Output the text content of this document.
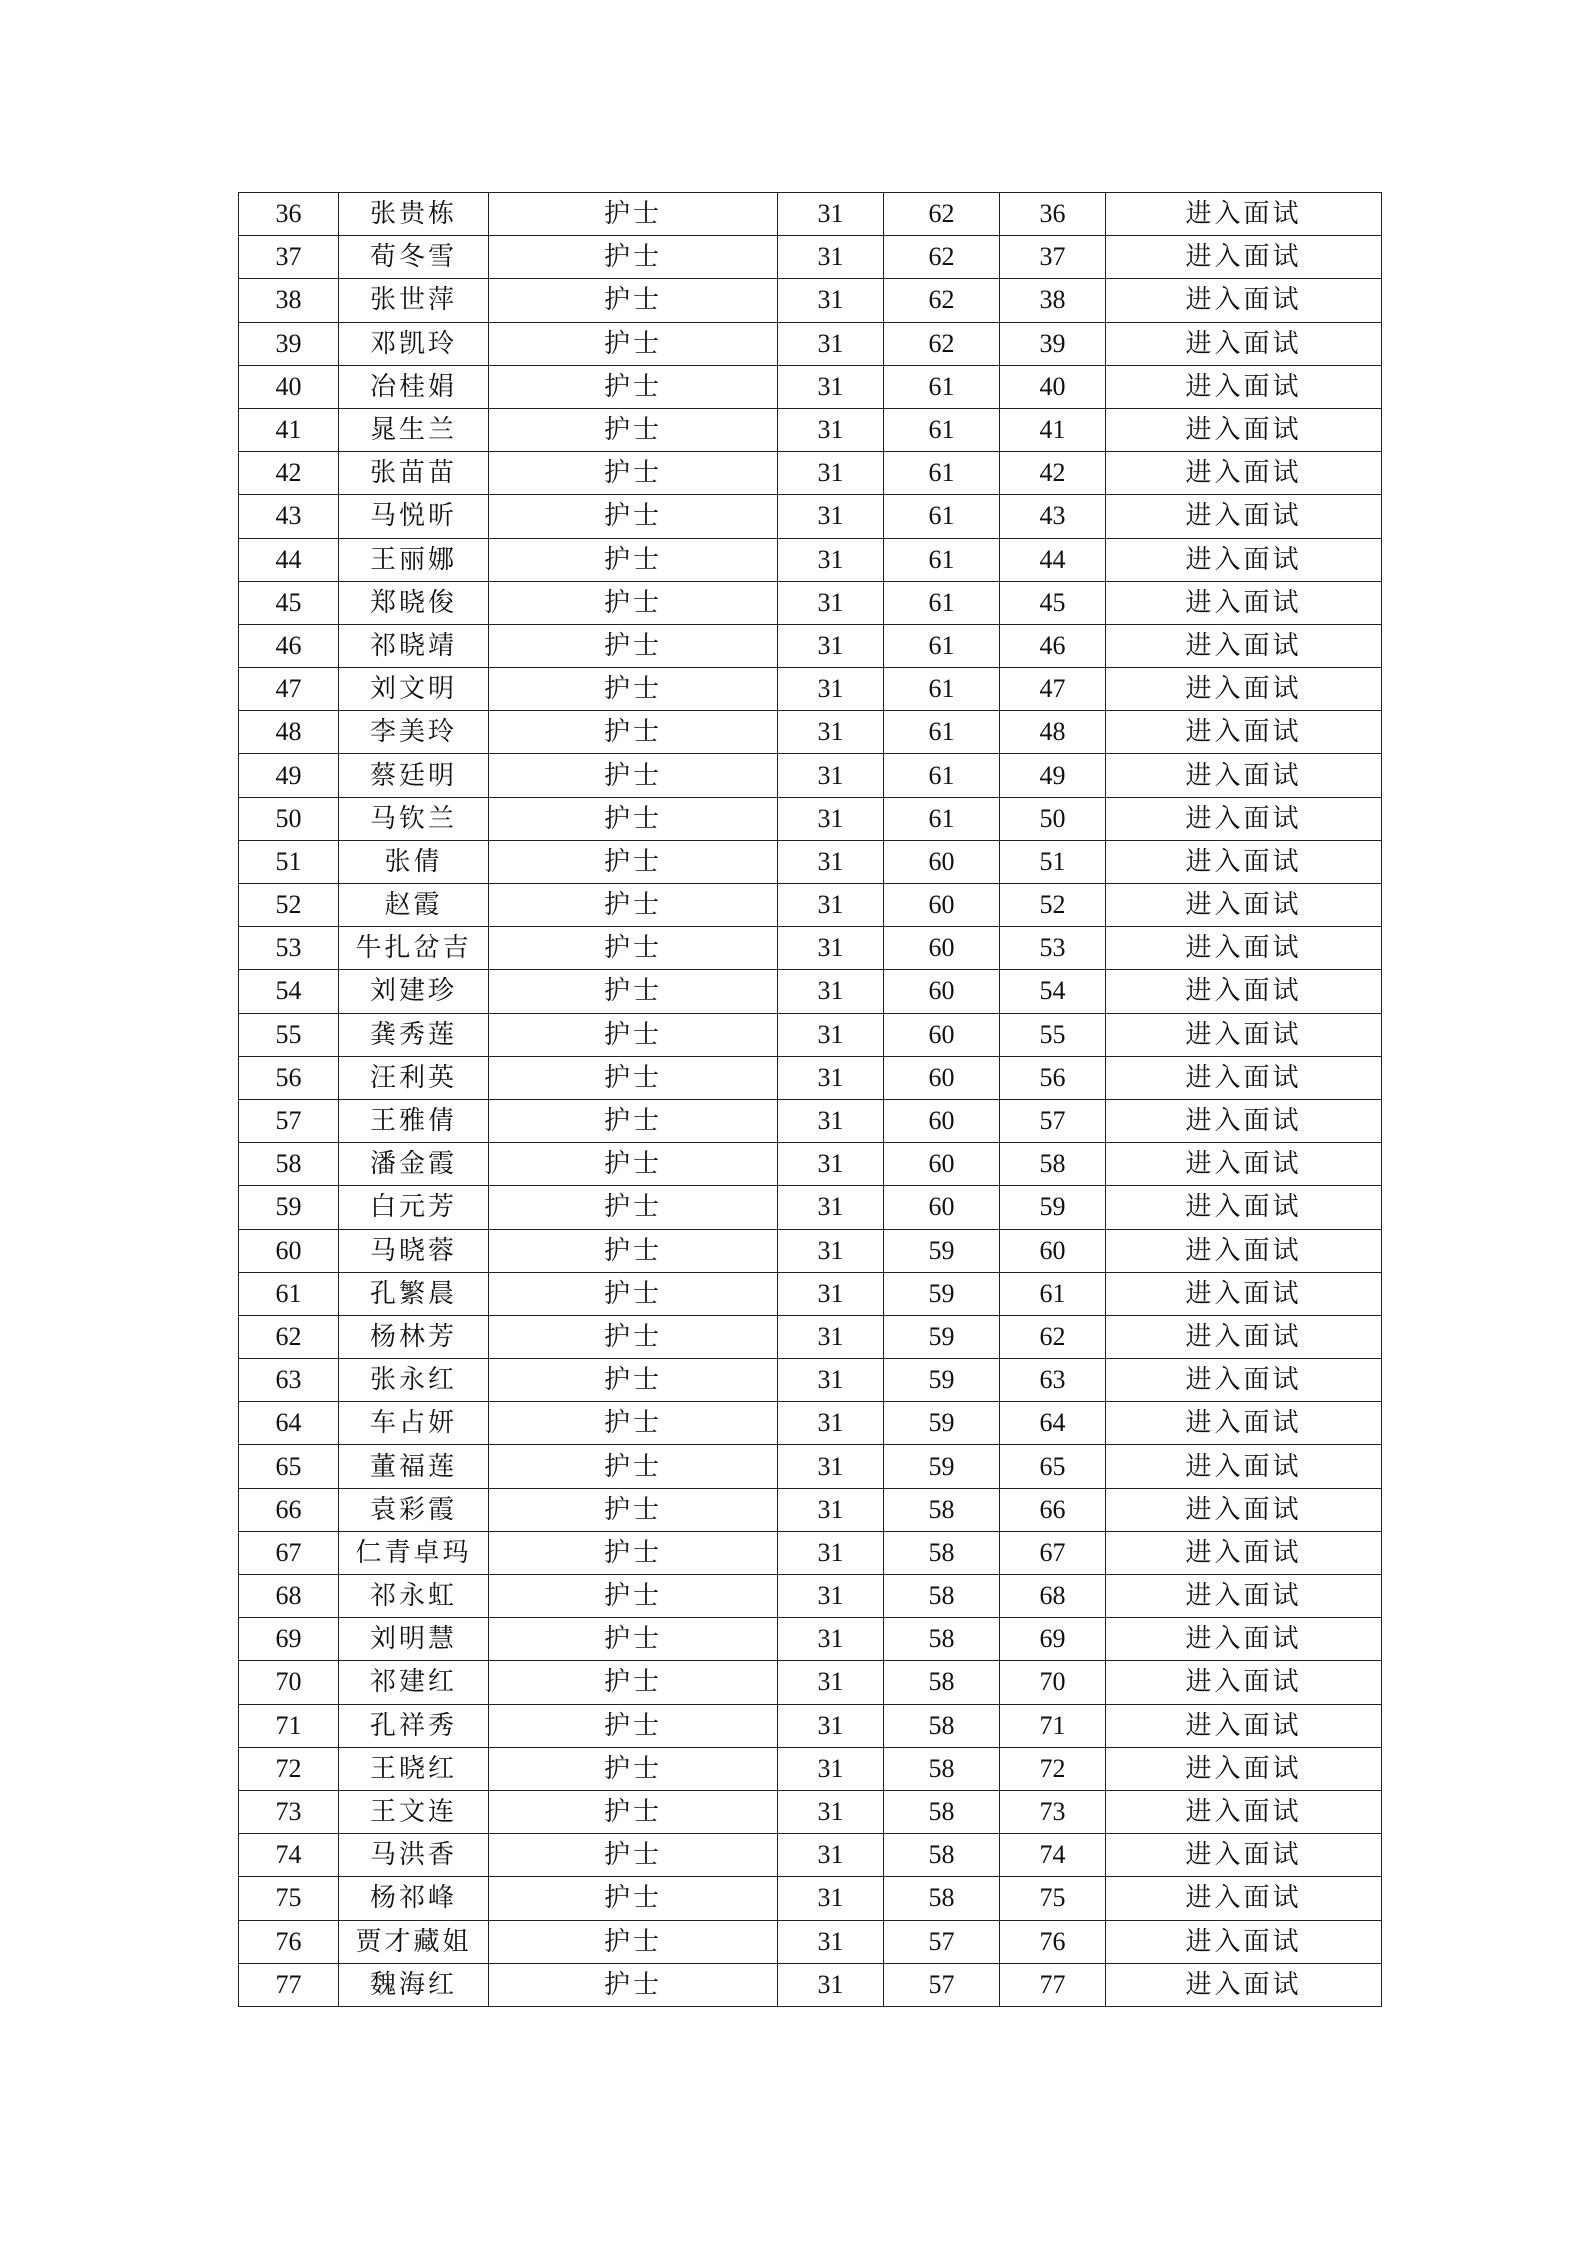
36	张贵栋	护士	31	62	36	进入面试
37	荀冬雪	护士	31	62	37	进入面试
38	张世萍	护士	31	62	38	进入面试
39	邓凯玲	护士	31	62	39	进入面试
40	冶桂娟	护士	31	61	40	进入面试
41	晁生兰	护士	31	61	41	进入面试
42	张苗苗	护士	31	61	42	进入面试
43	马悦昕	护士	31	61	43	进入面试
44	王丽娜	护士	31	61	44	进入面试
45	郑晓俊	护士	31	61	45	进入面试
46	祁晓靖	护士	31	61	46	进入面试
47	刘文明	护士	31	61	47	进入面试
48	李美玲	护士	31	61	48	进入面试
49	蔡廷明	护士	31	61	49	进入面试
50	马钦兰	护士	31	61	50	进入面试
51	张倩	护士	31	60	51	进入面试
52	赵霞	护士	31	60	52	进入面试
53	牛扎岔吉	护士	31	60	53	进入面试
54	刘建珍	护士	31	60	54	进入面试
55	龚秀莲	护士	31	60	55	进入面试
56	汪利英	护士	31	60	56	进入面试
57	王雅倩	护士	31	60	57	进入面试
58	潘金霞	护士	31	60	58	进入面试
59	白元芳	护士	31	60	59	进入面试
60	马晓蓉	护士	31	59	60	进入面试
61	孔繁晨	护士	31	59	61	进入面试
62	杨林芳	护士	31	59	62	进入面试
63	张永红	护士	31	59	63	进入面试
64	车占妍	护士	31	59	64	进入面试
65	董福莲	护士	31	59	65	进入面试
66	袁彩霞	护士	31	58	66	进入面试
67	仁青卓玛	护士	31	58	67	进入面试
68	祁永虹	护士	31	58	68	进入面试
69	刘明慧	护士	31	58	69	进入面试
70	祁建红	护士	31	58	70	进入面试
71	孔祥秀	护士	31	58	71	进入面试
72	王晓红	护士	31	58	72	进入面试
73	王文连	护士	31	58	73	进入面试
74	马洪香	护士	31	58	74	进入面试
75	杨祁峰	护士	31	58	75	进入面试
76	贾才藏姐	护士	31	57	76	进入面试
77	魏海红	护士	31	57	77	进入面试
